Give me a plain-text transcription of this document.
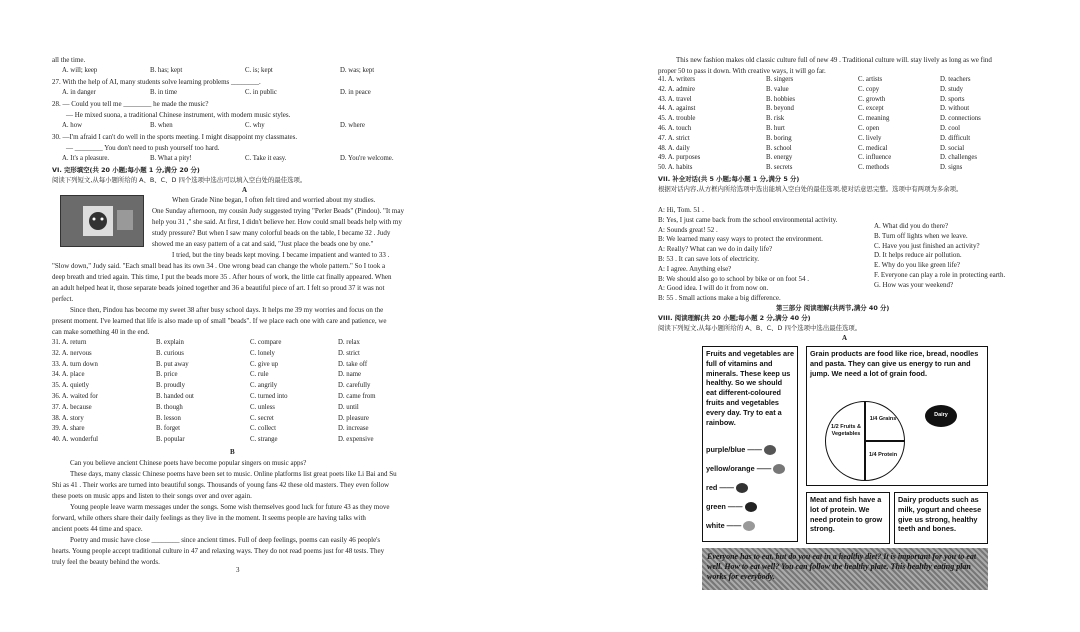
all the time.
A. will; keep	B. has; kept	C. is; kept	D. was; kept
27. With the help of AI, many students solve learning problems ________.
A. in danger	B. in time	C. in public	D. in peace
28. — Could you tell me ________ he made the music?
— He mixed suona, a traditional Chinese instrument, with modern music styles.
A. how	B. when	C. why	D. where
30. —I'm afraid I can't do well in the sports meeting. I might disappoint my classmates.
— ________ You don't need to push yourself too hard.
A. It's a pleasure.	B. What a pity!	C. Take it easy.	D. You're welcome.
VI. 完形填空(共 20 小题;每小题 1 分,满分 20 分)
阅读下列短文,从每小题所给的 A、B、C、D 四个选项中选出可以填入空白处的最佳选项。
A
When Grade Nine began, I often felt tired and worried about my studies.
One Sunday afternoon, my cousin Judy suggested trying "Perler Beads" (Pindou). "It may
help you 31 ," she said. At first, I didn't believe her. How could small beads help with my
study pressure? But when I saw many colorful beads on the table, I became 32 . Judy
showed me an easy pattern of a cat and said, "Just place the beads one by one."
I tried, but the tiny beads kept moving. I became impatient and wanted to 33 .
"Slow down," Judy said. "Each small bead has its own 34 . One wrong bead can change the whole pattern." So I took a
deep breath and tried again. This time, I put the beads more 35 . After hours of work, the little cat finally appeared. When
an adult helped heat it, those separate beads joined together and 36 a beautiful piece of art. I felt so proud 37 it was not
perfect.
Since then, Pindou has become my sweet 38 after busy school days. It helps me 39 my worries and focus on the
present moment. I've learned that life is also made up of small "beads". If we place each one with care and patience, we
can make something 40 in the end.
31. A. return	B. explain	C. compare	D. relax
32. A. nervous	B. curious	C. lonely	D. strict
33. A. turn down	B. put away	C. give up	D. take off
34. A. place	B. price	C. rule	D. name
35. A. quietly	B. proudly	C. angrily	D. carefully
36. A. waited for	B. handed out	C. turned into	D. came from
37. A. because	B. though	C. unless	D. until
38. A. story	B. lesson	C. secret	D. pleasure
39. A. share	B. forget	C. collect	D. increase
40. A. wonderful	B. popular	C. strange	D. expensive
B
Can you believe ancient Chinese poets have become popular singers on music apps?
These days, many classic Chinese poems have been set to music. Online platforms list great poets like Li Bai and Su
Shi as 41 . Their works are turned into beautiful songs. Thousands of young fans 42 these old masters. They even follow
these poets on music apps and listen to their songs over and over again.
Young people leave warm messages under the songs. Some wish themselves good luck for future 43 as they move
forward, while others share their daily feelings as they live in the moment. It seems people are having talks with
ancient poets 44 time and space.
Poetry and music have close ________ since ancient times. Full of deep feelings, poems can easily 46 people's
hearts. Young people accept traditional culture in 47 and relaxing ways. They do not read poems just for 48 tests. They
truly feel the beauty behind the words.
3
This new fashion makes old classic culture full of new 49 . Traditional culture will. stay lively as long as we find
proper 50 to pass it down. With creative ways, it will go far.
41. A. writers	B. singers	C. artists	D. teachers
42. A. admire	B. value	C. copy	D. study
43. A. travel	B. hobbies	C. growth	D. sports
44. A. against	B. beyond	C. except	D. without
45. A. trouble	B. risk	C. meaning	D. connections
46. A. touch	B. hurt	C. open	D. cool
47. A. strict	B. boring	C. lively	D. difficult
48. A. daily	B. school	C. medical	D. social
49. A. purposes	B. energy	C. influence	D. challenges
50. A. habits	B. secrets	C. methods	D. signs
VII. 补全对话(共 5 小题;每小题 1 分,满分 5 分)
根据对话内容,从方框内所给选项中选出能填入空白处的最佳选项,使对话意思完整。选项中有两项为多余项。
A: Hi, Tom. 51 .
B: Yes, I just came back from the school environmental activity.
A: Sounds great! 52 .
B: We learned many easy ways to protect the environment.
A: Really? What can we do in daily life?
B: 53 . It can save lots of electricity.
A: I agree. Anything else?
B: We should also go to school by bike or on foot 54 .
A: Good idea. I will do it from now on.
B: 55 . Small actions make a big difference.
A. What did you do there?
B. Turn off lights when we leave.
C. Have you just finished an activity?
D. It helps reduce air pollution.
E. Why do you like green life?
F. Everyone can play a role in protecting earth.
G. How was your weekend?
第三部分 阅读理解(共两节,满分 40 分)
VIII. 阅读理解(共 20 小题;每小题 2 分,满分 40 分)
阅读下列短文,从每小题所给的 A、B、C、D 四个选项中选出最佳选项。
A
Fruits and vegetables are full of vitamins and minerals. These keep us healthy. So we should eat different-coloured fruits and vegetables every day. Try to eat a rainbow.
purple/blue ——
yellow/orange ——
red ——
green ——
white ——
Grain products are food like rice, bread, noodles and pasta. They can give us energy to run and jump. We need a lot of grain food.
1/2 Fruits & Vegetables
1/4 Grains
1/4 Protein
Dairy
Meat and fish have a lot of protein. We need protein to grow strong.
Dairy products such as milk, yogurt and cheese give us strong, healthy teeth and bones.
Everyone has to eat, but do you eat in a healthy diet? It is important for you to eat well. How to eat well? You can follow the healthy plate. This healthy eating plan works for everybody.
